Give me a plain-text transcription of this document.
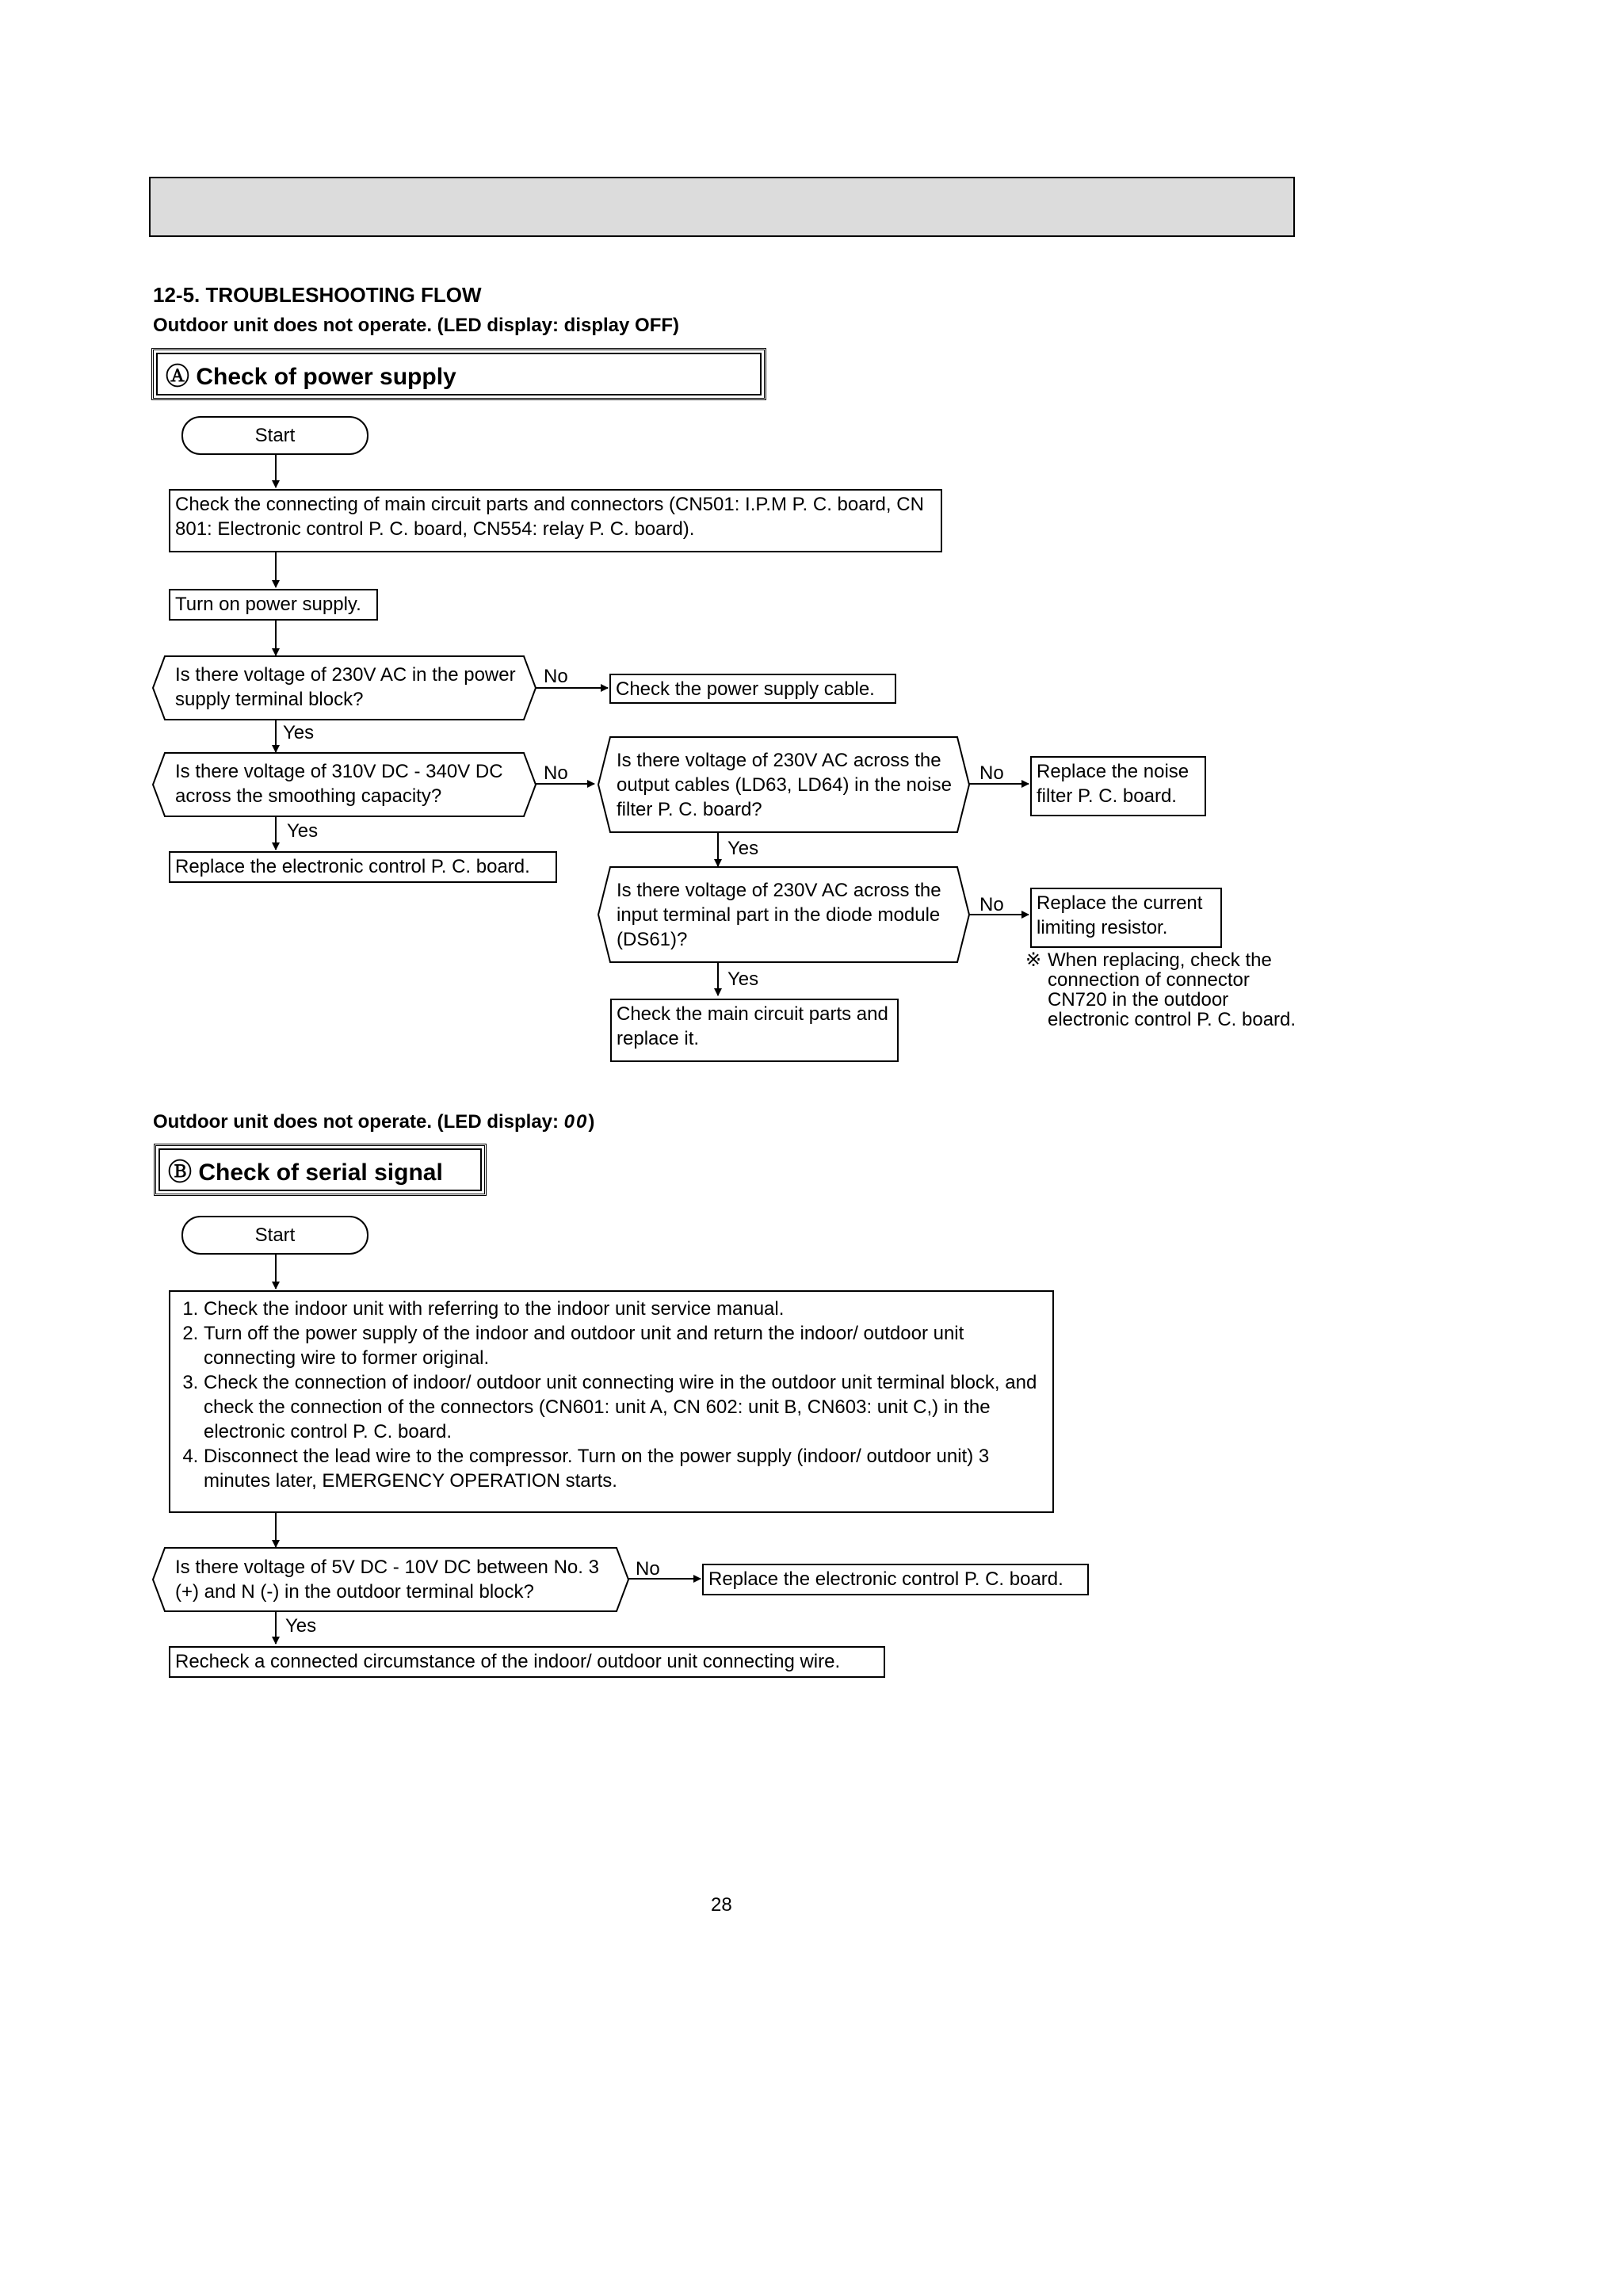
12-5. TROUBLESHOOTING FLOW
Outdoor unit does not operate. (LED display: display OFF)
Ⓐ Check of power supply
Start
Check the connecting of main circuit parts and connectors (CN501: I.P.M P. C. board, CN 801: Electronic control P. C. board, CN554: relay P. C. board).
Turn on power supply.
Is there voltage of 230V AC in the power supply terminal block?
No
Check the power supply cable.
Yes
Is there voltage of 310V DC - 340V DC across the smoothing capacity?
No
Yes
Replace the electronic control P. C. board.
Is there voltage of 230V AC across the output cables (LD63, LD64) in the noise filter P. C. board?
No	Replace the noise filter P. C. board.
Yes
Is there voltage of 230V AC across the input terminal part in the diode module (DS61)?
No	Replace the current limiting resistor.
※ When replacing, check the connection of connector CN720 in the outdoor electronic control P. C. board.
Yes
Check the main circuit parts and replace it.
Outdoor unit does not operate. (LED display: 00)
Ⓑ Check of serial signal
Start
1. Check the indoor unit with referring to the indoor unit service manual.
2. Turn off the power supply of the indoor and outdoor unit and return the indoor/ outdoor unit connecting wire to former original.
3. Check the connection of indoor/ outdoor unit connecting wire in the outdoor unit terminal block, and check the connection of the connectors (CN601: unit A, CN 602: unit B, CN603: unit C,) in the electronic control P. C. board.
4. Disconnect the lead wire to the compressor. Turn on the power supply (indoor/ outdoor unit) 3 minutes later, EMERGENCY OPERATION starts.
Is there voltage of 5V DC - 10V DC between No. 3 (+) and N (-) in the outdoor terminal block?
No	Replace the electronic control P. C. board.
Yes
Recheck a connected circumstance of the indoor/ outdoor unit connecting wire.
28
